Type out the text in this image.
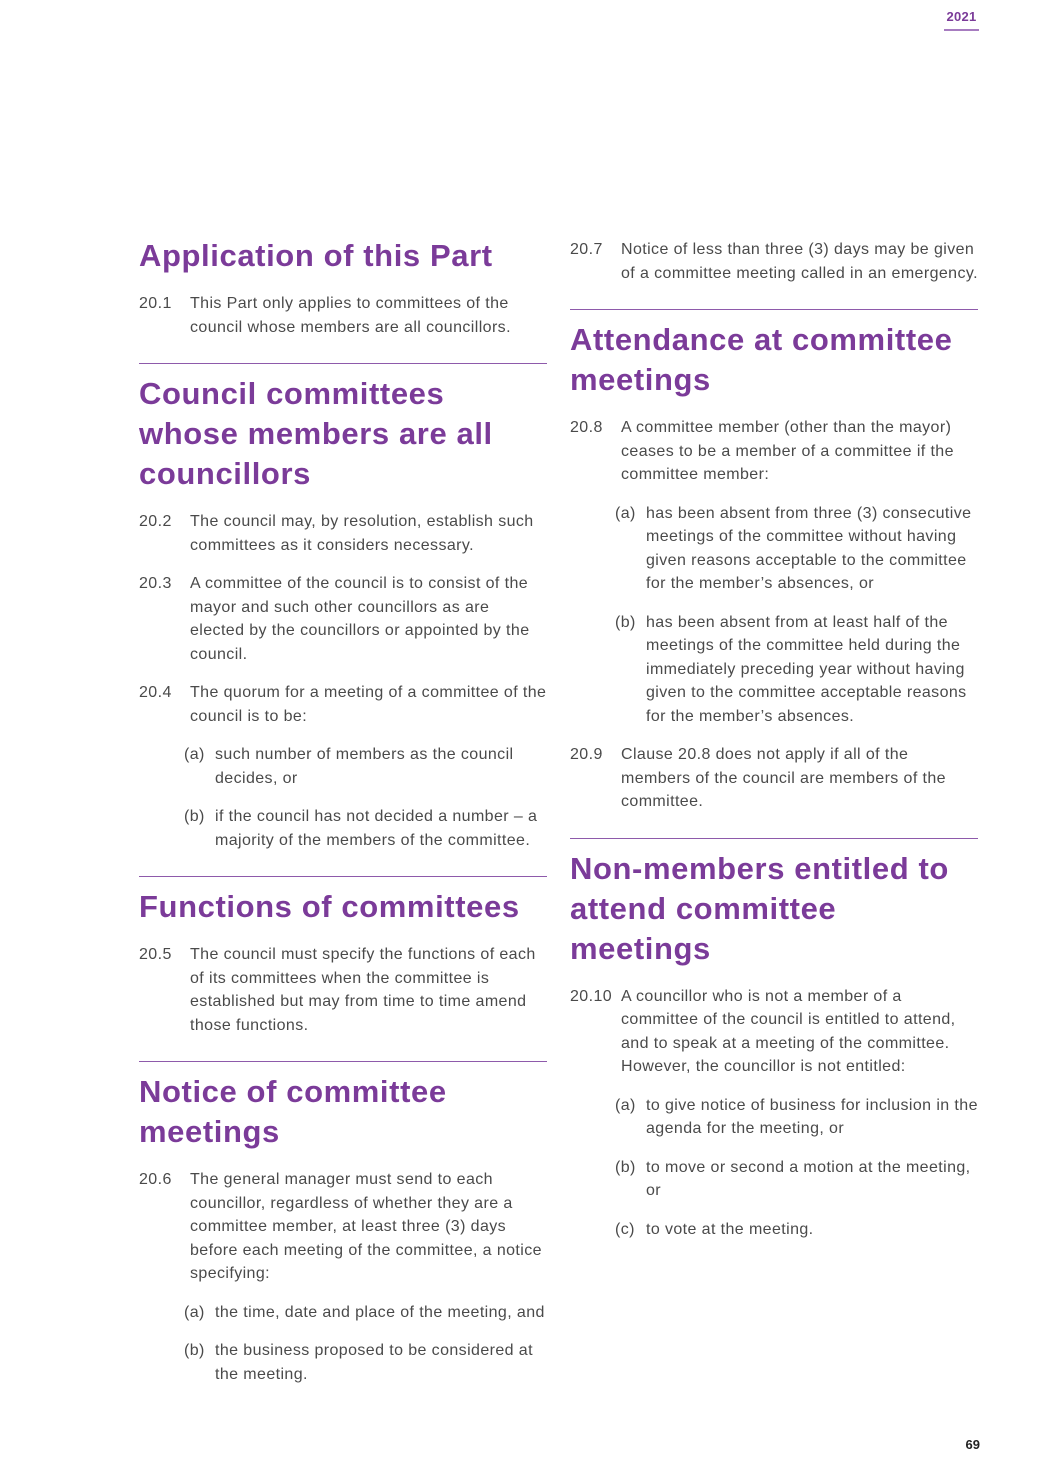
2021
Application of this Part
20.1	This Part only applies to committees of the council whose members are all councillors.
Council committees whose members are all councillors
20.2	The council may, by resolution, establish such committees as it considers necessary.
20.3	A committee of the council is to consist of the mayor and such other councillors as are elected by the councillors or appointed by the council.
20.4	The quorum for a meeting of a committee of the council is to be:
(a) such number of members as the council decides, or
(b) if the council has not decided a number – a majority of the members of the committee.
Functions of committees
20.5	The council must specify the functions of each of its committees when the committee is established but may from time to time amend those functions.
Notice of committee meetings
20.6	The general manager must send to each councillor, regardless of whether they are a committee member, at least three (3) days before each meeting of the committee, a notice specifying:
(a) the time, date and place of the meeting, and
(b) the business proposed to be considered at the meeting.
20.7	Notice of less than three (3) days may be given of a committee meeting called in an emergency.
Attendance at committee meetings
20.8	A committee member (other than the mayor) ceases to be a member of a committee if the committee member:
(a) has been absent from three (3) consecutive meetings of the committee without having given reasons acceptable to the committee for the member’s absences, or
(b) has been absent from at least half of the meetings of the committee held during the immediately preceding year without having given to the committee acceptable reasons for the member’s absences.
20.9	Clause 20.8 does not apply if all of the members of the council are members of the committee.
Non-members entitled to attend committee meetings
20.10 A councillor who is not a member of a committee of the council is entitled to attend, and to speak at a meeting of the committee. However, the councillor is not entitled:
(a) to give notice of business for inclusion in the agenda for the meeting, or
(b) to move or second a motion at the meeting, or
(c) to vote at the meeting.
69
